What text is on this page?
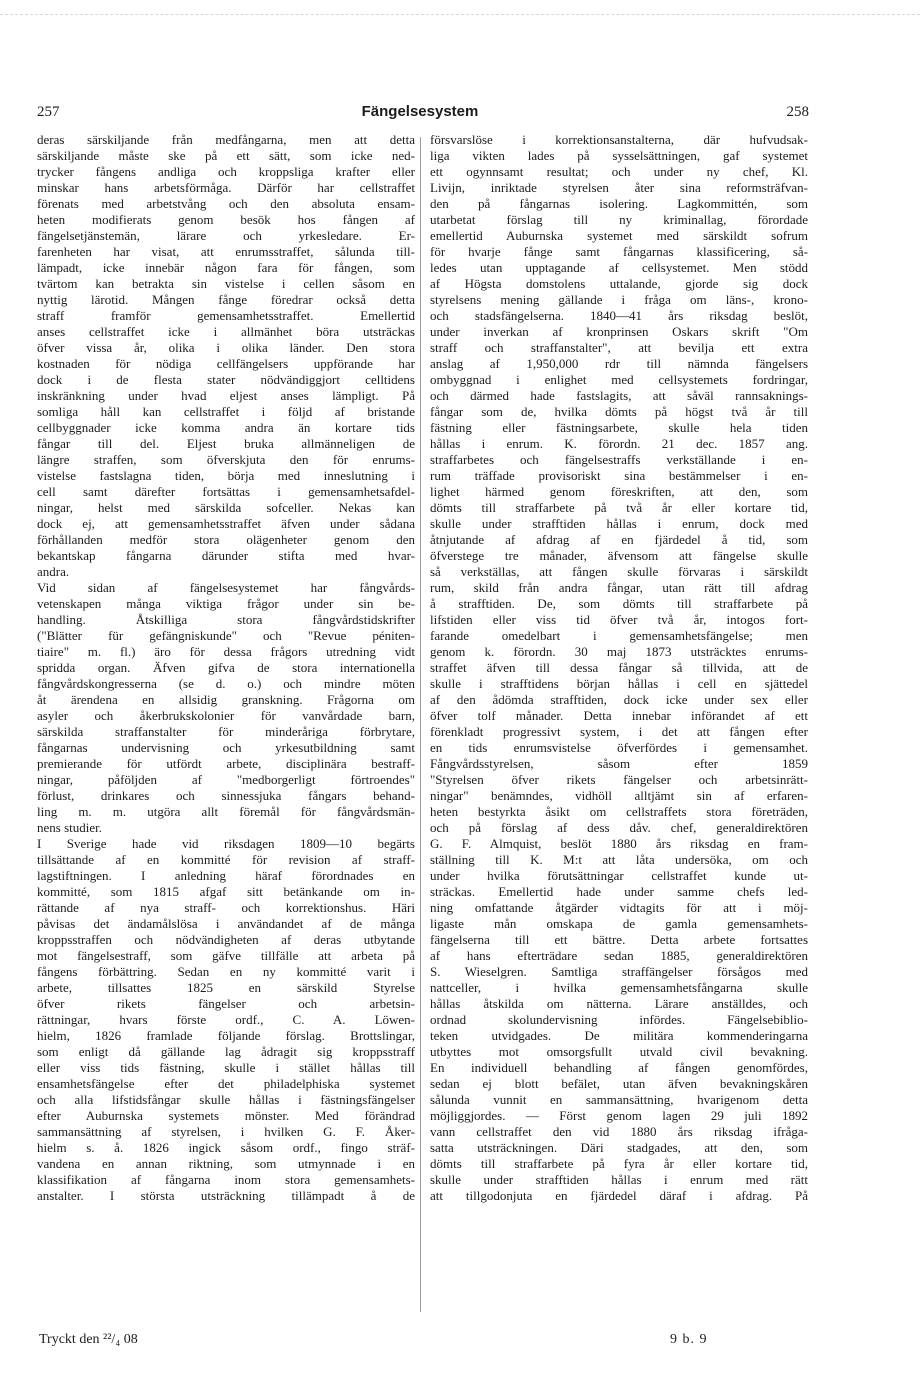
257	Fängelsesystem	258
deras särskiljande från medfångarna, men att detta
särskiljande måste ske på ett sätt, som icke ned-
trycker fångens andliga och kroppsliga krafter eller
minskar hans arbetsförmåga. Därför har cellstraffet
förenats med arbetstvång och den absoluta ensam-
heten modifierats genom besök hos fången af
fängelsetjänstemän, lärare och yrkesledare. Er-
farenheten har visat, att enrumsstraffet, sålunda till-
lämpadt, icke innebär någon fara för fången, som
tvärtom kan betrakta sin vistelse i cellen såsom en
nyttig lärotid. Mången fånge föredrar också detta
straff framför gemensamhetsstraffet. Emellertid
anses cellstraffet icke i allmänhet böra utsträckas
öfver vissa år, olika i olika länder. Den stora
kostnaden för nödiga cellfängelsers uppförande har
dock i de flesta stater nödvändiggjort celltidens
inskränkning under hvad eljest anses lämpligt. På
somliga håll kan cellstraffet i följd af bristande
cellbyggnader icke komma andra än kortare tids
fångar till del. Eljest bruka allmänneligen de
längre straffen, som öfverskjuta den för enrums-
vistelse fastslagna tiden, börja med inneslutning i
cell samt därefter fortsättas i gemensamhetsafdel-
ningar, helst med särskilda sofceller. Nekas kan
dock ej, att gemensamhetsstraffet äfven under sådana
förhållanden medför stora olägenheter genom den
bekantskap fångarna därunder stifta med hvar-
andra.
Vid sidan af fängelsesystemet har fångvårds-
vetenskapen många viktiga frågor under sin be-
handling. Åtskilliga stora fångvårdstidskrifter
("Blätter für gefängniskunde" och "Revue péniten-
tiaire" m. fl.) äro för dessa frågors utredning vidt
spridda organ. Äfven gifva de stora internationella
fångvårdskongresserna (se d. o.) och mindre möten
åt ärendena en allsidig granskning. Frågorna om
asyler och åkerbrukskolonier för vanvårdade barn,
särskilda straffanstalter för minderåriga förbrytare,
fångarnas undervisning och yrkesutbildning samt
premierande för utfördt arbete, disciplinära bestraff-
ningar, påföljden af "medborgerligt förtroendes"
förlust, drinkares och sinnessjuka fångars behand-
ling m. m. utgöra allt föremål för fångvårdsmän-
nens studier.
I Sverige hade vid riksdagen 1809—10 begärts
tillsättande af en kommitté för revision af straff-
lagstiftningen. I anledning häraf förordnades en
kommitté, som 1815 afgaf sitt betänkande om in-
rättande af nya straff- och korrektionshus. Häri
påvisas det ändamålslösa i användandet af de många
kroppsstraffen och nödvändigheten af deras utbytande
mot fängelsestraff, som gäfve tillfälle att arbeta på
fångens förbättring. Sedan en ny kommitté varit i
arbete, tillsattes 1825 en särskild Styrelse
öfver rikets fängelser och arbetsin-
rättningar, hvars förste ordf., C. A. Löwen-
hielm, 1826 framlade följande förslag. Brottslingar,
som enligt då gällande lag ådragit sig kroppsstraff
eller viss tids fästning, skulle i stället hållas till
ensamhetsfängelse efter det philadelphiska systemet
och alla lifstidsfångar skulle hållas i fästningsfängelser
efter Auburnska systemets mönster. Med förändrad
sammansättning af styrelsen, i hvilken G. F. Åker-
hielm s. å. 1826 ingick såsom ordf., fingo sträf-
vandena en annan riktning, som utmynnade i en
klassifikation af fångarna inom stora gemensamhets-
anstalter. I största utsträckning tillämpadt å de
försvarslöse i korrektionsanstalterna, där hufvudsak-
liga vikten lades på sysselsättningen, gaf systemet
ett ogynnsamt resultat; och under ny chef, Kl.
Livijn, inriktade styrelsen åter sina reformsträfvan-
den på fångarnas isolering. Lagkommittén, som
utarbetat förslag till ny kriminallag, förordade
emellertid Auburnska systemet med särskildt sofrum
för hvarje fånge samt fångarnas klassificering, så-
ledes utan upptagande af cellsystemet. Men stödd
af Högsta domstolens uttalande, gjorde sig dock
styrelsens mening gällande i fråga om läns-, krono-
och stadsfängelserna. 1840—41 års riksdag beslöt,
under inverkan af kronprinsen Oskars skrift "Om
straff och straffanstalter", att bevilja ett extra
anslag af 1,950,000 rdr till nämnda fängelsers
ombyggnad i enlighet med cellsystemets fordringar,
och därmed hade fastslagits, att såväl rannsaknings-
fångar som de, hvilka dömts på högst två år till
fästning eller fästningsarbete, skulle hela tiden
hållas i enrum. K. förordn. 21 dec. 1857 ang.
straffarbetes och fängelsestraffs verkställande i en-
rum träffade provisoriskt sina bestämmelser i en-
lighet härmed genom föreskriften, att den, som
dömts till straffarbete på två år eller kortare tid,
skulle under strafftiden hållas i enrum, dock med
åtnjutande af afdrag af en fjärdedel å tid, som
öfverstege tre månader, äfvensom att fängelse skulle
så verkställas, att fången skulle förvaras i särskildt
rum, skild från andra fångar, utan rätt till afdrag
å strafftiden. De, som dömts till straffarbete på
lifstiden eller viss tid öfver två år, intogos fort-
farande omedelbart i gemensamhetsfängelse; men
genom k. förordn. 30 maj 1873 utsträcktes enrums-
straffet äfven till dessa fångar så tillvida, att de
skulle i strafftidens början hållas i cell en sjättedel
af den ådömda strafftiden, dock icke under sex eller
öfver tolf månader. Detta innebar införandet af ett
förenkladt progressivt system, i det att fången efter
en tids enrumsvistelse öfverfördes i gemensamhet.
Fångvårdsstyrelsen, såsom efter 1859
"Styrelsen öfver rikets fängelser och arbetsinrätt-
ningar" benämndes, vidhöll alltjämt sin af erfaren-
heten bestyrkta åsikt om cellstraffets stora företräden,
och på förslag af dess dåv. chef, generaldirektören
G. F. Almquist, beslöt 1880 års riksdag en fram-
ställning till K. M:t att låta undersöka, om och
under hvilka förutsättningar cellstraffet kunde ut-
sträckas. Emellertid hade under samme chefs led-
ning omfattande åtgärder vidtagits för att i möj-
ligaste mån omskapa de gamla gemensamhets-
fängelserna till ett bättre. Detta arbete fortsattes
af hans efterträdare sedan 1885, generaldirektören
S. Wieselgren. Samtliga straffängelser försågos med
nattceller, i hvilka gemensamhetsfångarna skulle
hållas åtskilda om nätterna. Lärare anställdes, och
ordnad skolundervisning infördes. Fängelsebiblio-
teken utvidgades. De militära kommenderingarna
utbyttes mot omsorgsfullt utvald civil bevakning.
En individuell behandling af fången genomfördes,
sedan ej blott befälet, utan äfven bevakningskåren
sålunda vunnit en sammansättning, hvarigenom detta
möjliggjordes. — Först genom lagen 29 juli 1892
vann cellstraffet den vid 1880 års riksdag ifråga-
satta utsträckningen. Däri stadgades, att den, som
dömts till straffarbete på fyra år eller kortare tid,
skulle under strafftiden hållas i enrum med rätt
att tillgodonjuta en fjärdedel däraf i afdrag. På
Tryckt den ²²/₄ 08	9 b. 9
